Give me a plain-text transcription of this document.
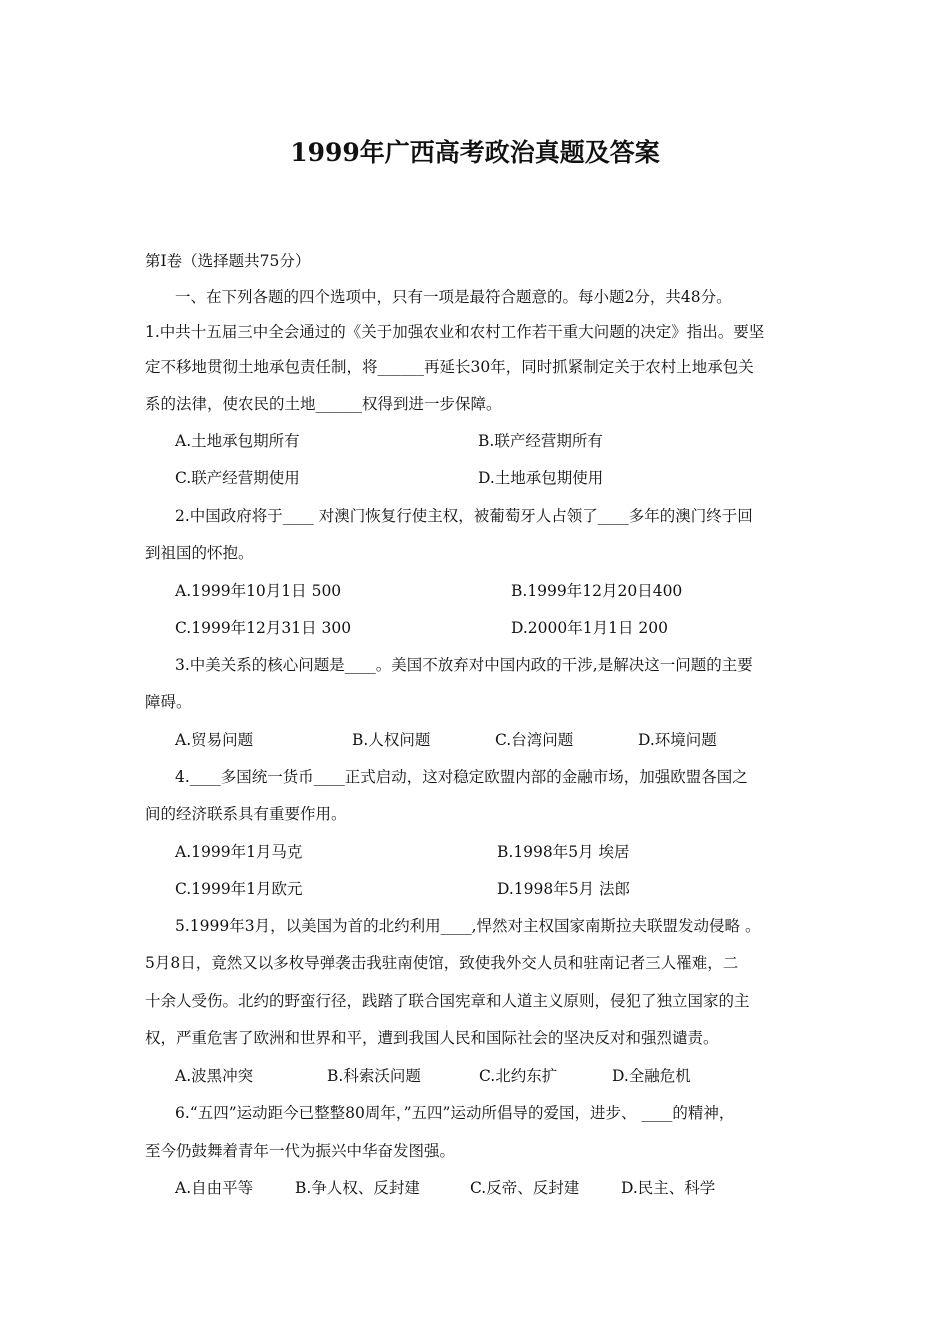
1999年广西高考政治真题及答案
第Ⅰ卷（选择题共75分）
一、在下列各题的四个选项中，只有一项是最符合题意的。每小题2分，共48分。
1.中共十五届三中全会通过的《关于加强农业和农村工作若干重大问题的决定》指出。要坚
定不移地贯彻土地承包责任制，将______再延长30年，同时抓紧制定关于农村上地承包关
系的法律，使农民的土地______权得到进一步保障。
A.土地承包期所有	B.联产经营期所有
C.联产经营期使用	D.土地承包期使用
2.中国政府将于____ 对澳门恢复行使主权，被葡萄牙人占领了____多年的澳门终于回
到祖国的怀抱。
A.1999年10月1日 500	B.1999年12月20日400
C.1999年12月31日 300	D.2000年1月1日 200
3.中美关系的核心问题是____。美国不放弃对中国内政的干涉,是解决这一问题的主要
障碍。
A.贸易问题	B.人权问题	C.台湾问题	D.环境问题
4.____多国统一货币____正式启动，这对稳定欧盟内部的金融市场，加强欧盟各国之
间的经济联系具有重要作用。
A.1999年1月马克	B.1998年5月 埃居
C.1999年1月欧元	D.1998年5月 法郎
5.1999年3月，以美国为首的北约利用____,悍然对主权国家南斯拉夫联盟发动侵略 。
5月8日，竟然又以多枚导弹袭击我驻南使馆，致使我外交人员和驻南记者三人罹难，二
十余人受伤。北约的野蛮行径，践踏了联合国宪章和人道主义原则，侵犯了独立国家的主
权，严重危害了欧洲和世界和平，遭到我国人民和国际社会的坚决反对和强烈谴责。
A.波黑冲突	B.科索沃问题	C.北约东扩	D.全融危机
6.“五四”运动距今已整整80周年，”五四”运动所倡导的爱国，进步、 ____的精神，
至今仍鼓舞着青年一代为振兴中华奋发图强。
A.自由平等	B.争人权、反封建	C.反帝、反封建	D.民主、科学
